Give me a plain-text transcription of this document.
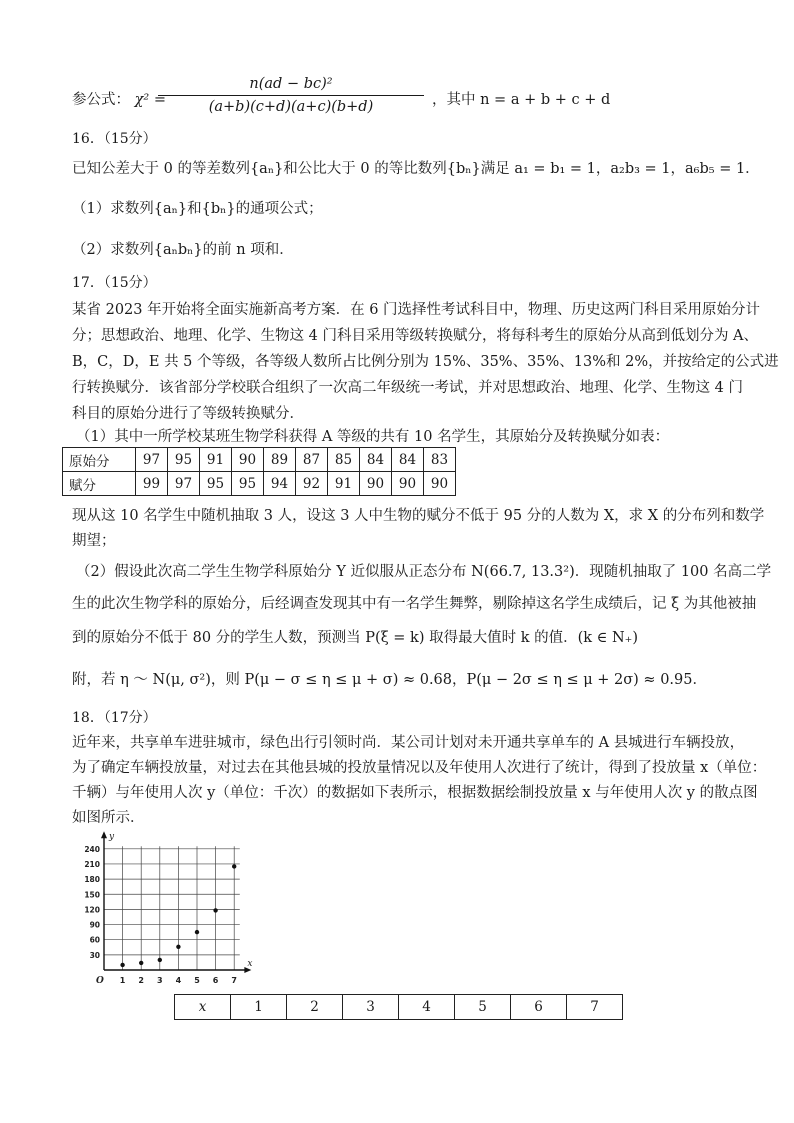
参公式： χ² =
n(ad − bc)²
(a+b)(c+d)(a+c)(b+d)	，其中 n = a + b + c + d
16．（15分）
已知公差大于 0 的等差数列{aₙ}和公比大于 0 的等比数列{bₙ}满足 a₁ = b₁ = 1，a₂b₃ = 1，a₆b₅ = 1．
（1）求数列{aₙ}和{bₙ}的通项公式；
（2）求数列{aₙbₙ}的前 n 项和．
17．（15分）
某省 2023 年开始将全面实施新高考方案．在 6 门选择性考试科目中，物理、历史这两门科目采用原始分计
分；思想政治、地理、化学、生物这 4 门科目采用等级转换赋分，将每科考生的原始分从高到低划分为 A、
B，C，D，E 共 5 个等级，各等级人数所占比例分别为 15%、35%、35%、13%和 2%，并按给定的公式进
行转换赋分．该省部分学校联合组织了一次高二年级统一考试，并对思想政治、地理、化学、生物这 4 门
科目的原始分进行了等级转换赋分．
（1）其中一所学校某班生物学科获得 A 等级的共有 10 名学生，其原始分及转换赋分如表：
原始分	97	95	91	90	89	87	85	84	84	83
赋分	99	97	95	95	94	92	91	90	90	90
现从这 10 名学生中随机抽取 3 人，设这 3 人中生物的赋分不低于 95 分的人数为 X，求 X 的分布列和数学
期望；
（2）假设此次高二学生生物学科原始分 Y 近似服从正态分布 N(66.7, 13.3²)．现随机抽取了 100 名高二学
生的此次生物学科的原始分，后经调查发现其中有一名学生舞弊，剔除掉这名学生成绩后，记 ξ 为其他被抽
到的原始分不低于 80 分的学生人数，预测当 P(ξ = k) 取得最大值时 k 的值．(k ∈ N₊)
附，若 η ～ N(μ, σ²)，则 P(μ − σ ≤ η ≤ μ + σ) ≈ 0.68，P(μ − 2σ ≤ η ≤ μ + 2σ) ≈ 0.95．
18．（17分）
近年来，共享单车进驻城市，绿色出行引领时尚．某公司计划对未开通共享单车的 A 县城进行车辆投放，
为了确定车辆投放量，对过去在其他县城的投放量情况以及年使用人次进行了统计，得到了投放量 x（单位：
千辆）与年使用人次 y（单位：千次）的数据如下表所示，根据数据绘制投放量 x 与年使用人次 y 的散点图
如图所示．
1 2 3 4 5 6 7
30
60
90
120
150
180
210
240
O
x
y
x	1	2	3	4	5	6	7
